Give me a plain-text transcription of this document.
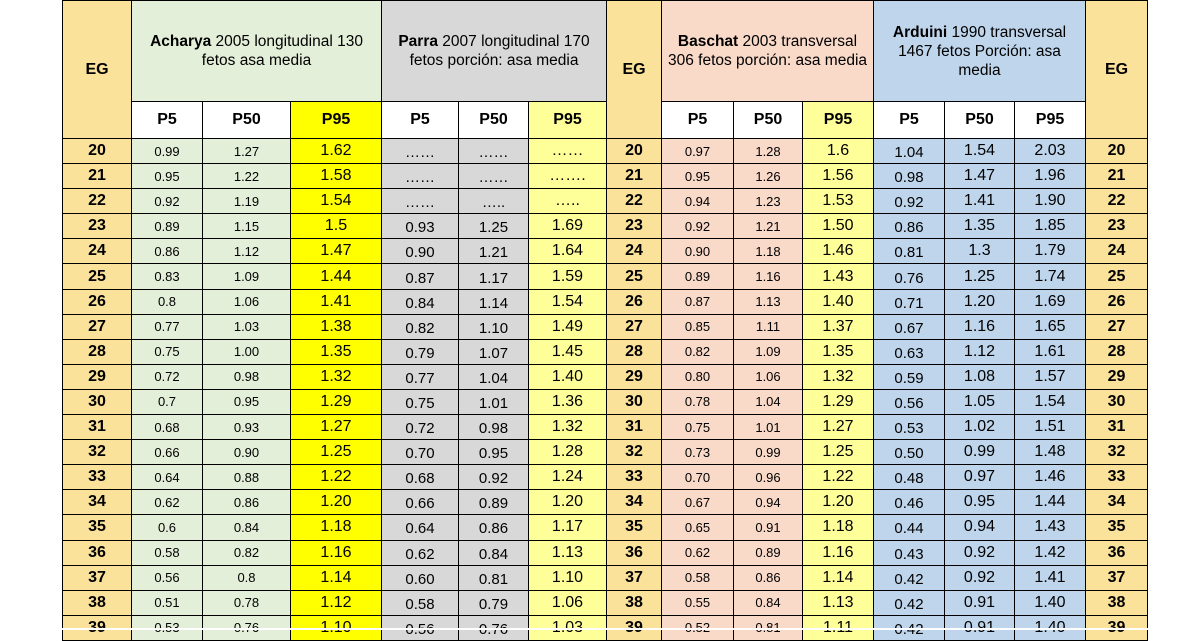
EG	Acharya 2005 longitudinal 130 fetos asa media			Parra 2007 longitudinal 170 fetos porción: asa media			EG	Baschat 2003 transversal 306 fetos porción: asa media			Arduini 1990 transversal 1467 fetos Porción: asa media			EG
	P5	P50	P95	P5	P50	P95		P5	P50	P95	P5	P50	P95	
20	0.99	1.27	1.62	……	……	……	20	0.97	1.28	1.6	1.04	1.54	2.03	20
21	0.95	1.22	1.58	……	……	…….	21	0.95	1.26	1.56	0.98	1.47	1.96	21
22	0.92	1.19	1.54	……	…..	…..	22	0.94	1.23	1.53	0.92	1.41	1.90	22
23	0.89	1.15	1.5	0.93	1.25	1.69	23	0.92	1.21	1.50	0.86	1.35	1.85	23
24	0.86	1.12	1.47	0.90	1.21	1.64	24	0.90	1.18	1.46	0.81	1.3	1.79	24
25	0.83	1.09	1.44	0.87	1.17	1.59	25	0.89	1.16	1.43	0.76	1.25	1.74	25
26	0.8	1.06	1.41	0.84	1.14	1.54	26	0.87	1.13	1.40	0.71	1.20	1.69	26
27	0.77	1.03	1.38	0.82	1.10	1.49	27	0.85	1.11	1.37	0.67	1.16	1.65	27
28	0.75	1.00	1.35	0.79	1.07	1.45	28	0.82	1.09	1.35	0.63	1.12	1.61	28
29	0.72	0.98	1.32	0.77	1.04	1.40	29	0.80	1.06	1.32	0.59	1.08	1.57	29
30	0.7	0.95	1.29	0.75	1.01	1.36	30	0.78	1.04	1.29	0.56	1.05	1.54	30
31	0.68	0.93	1.27	0.72	0.98	1.32	31	0.75	1.01	1.27	0.53	1.02	1.51	31
32	0.66	0.90	1.25	0.70	0.95	1.28	32	0.73	0.99	1.25	0.50	0.99	1.48	32
33	0.64	0.88	1.22	0.68	0.92	1.24	33	0.70	0.96	1.22	0.48	0.97	1.46	33
34	0.62	0.86	1.20	0.66	0.89	1.20	34	0.67	0.94	1.20	0.46	0.95	1.44	34
35	0.6	0.84	1.18	0.64	0.86	1.17	35	0.65	0.91	1.18	0.44	0.94	1.43	35
36	0.58	0.82	1.16	0.62	0.84	1.13	36	0.62	0.89	1.16	0.43	0.92	1.42	36
37	0.56	0.8	1.14	0.60	0.81	1.10	37	0.58	0.86	1.14	0.42	0.92	1.41	37
38	0.51	0.78	1.12	0.58	0.79	1.06	38	0.55	0.84	1.13	0.42	0.91	1.40	38
